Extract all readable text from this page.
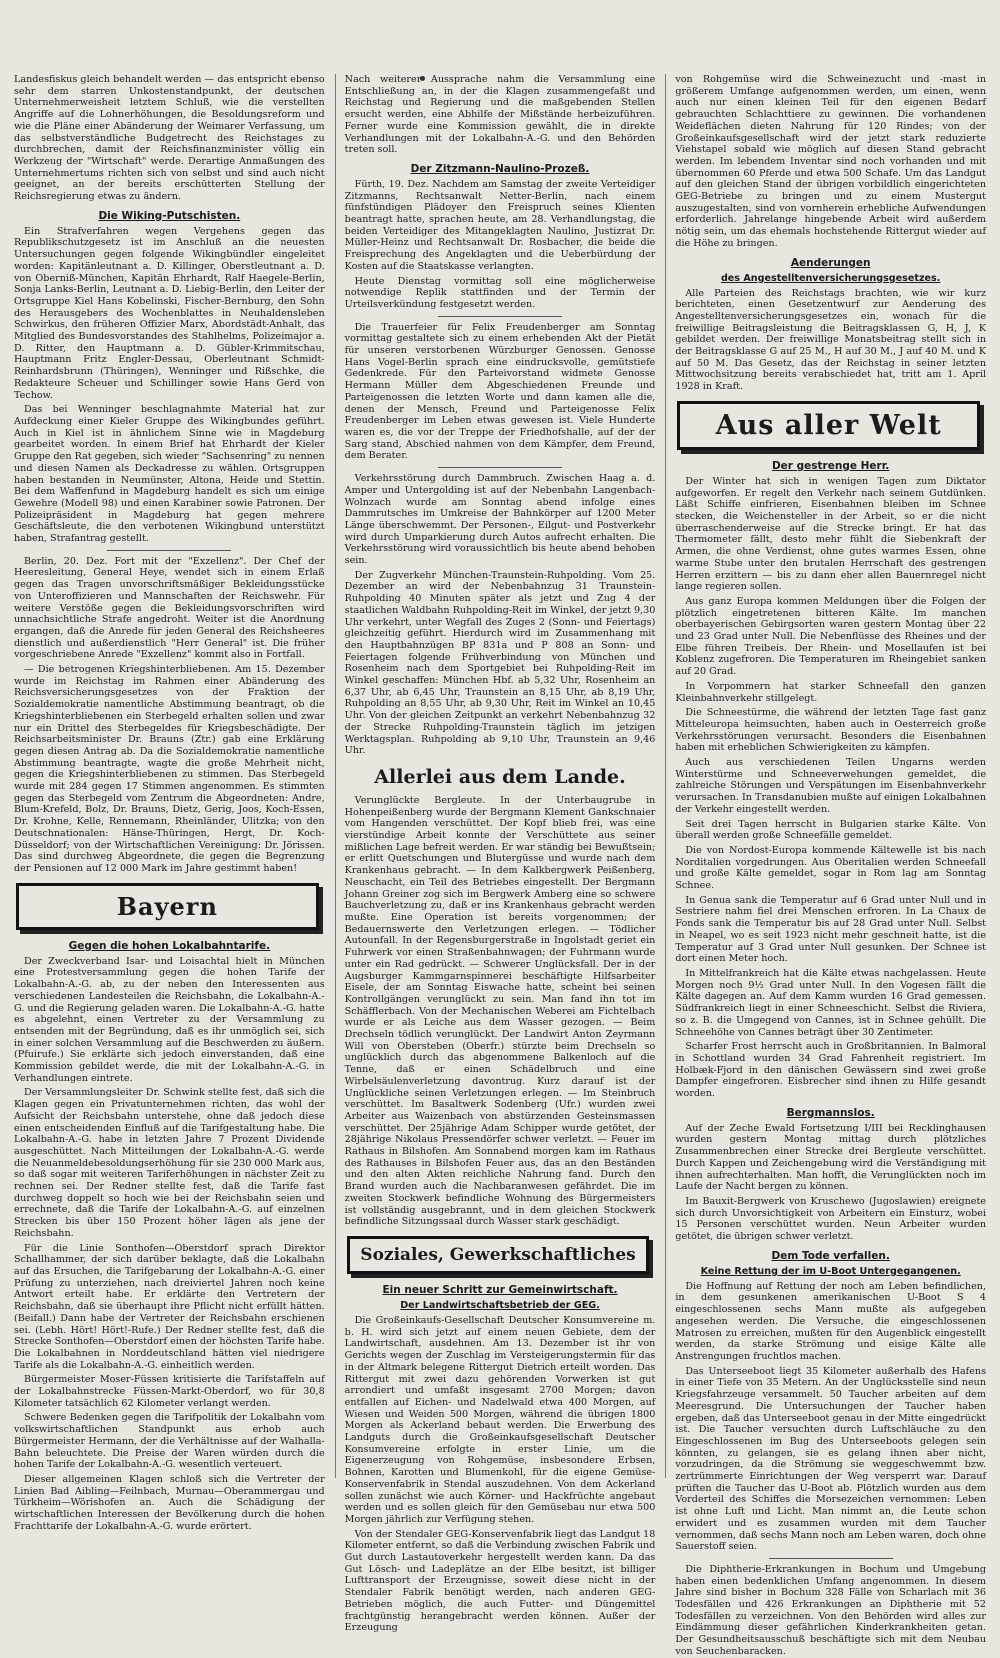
Landesfiskus gleich behandelt werden — das entspricht ebenso sehr dem starren Unkostenstandpunkt, der deutschen Unternehmerweisheit letztem Schluß, wie die verstellten Angriffe auf die Lohnerhöhungen, die Besoldungsreform und wie die Pläne einer Abänderung der Weimarer Verfassung, um das selbstverständliche Budgetrecht des Reichstages zu durchbrechen, damit der Reichsfinanzminister völlig ein Werkzeug der "Wirtschaft" werde. Derartige Anmaßungen des Unternehmertums richten sich von selbst und sind auch nicht geeignet, an der bereits erschütterten Stellung der Reichsregierung etwas zu ändern.

Die Wiking-Putschisten.

Ein Strafverfahren wegen Vergehens gegen das Republikschutzgesetz ist im Anschluß an die neuesten Untersuchungen gegen folgende Wikingbündler eingeleitet worden: Kapitänleutnant a. D. Killinger, Oberstleutnant a. D. von Oberniß-München, Kapitän Ehrhardt, Ralf Haegele-Berlin, Sonja Lanks-Berlin, Leutnant a. D. Liebig-Berlin, den Leiter der Ortsgruppe Kiel Hans Kobelinski, Fischer-Bernburg, den Sohn des Herausgebers des Wochenblattes in Neuhaldensleben Schwirkus, den früheren Offizier Marx, Abordstädt-Anhalt, das Mitglied des Bundesvorstandes des Stahlhelms, Polizeimajor a. D. Ritter, den Hauptmann a. D. Gübler-Krimmitschau, Hauptmann Fritz Engler-Dessau, Oberleutnant Schmidt-Reinhardsbrunn (Thüringen), Wenninger und Rißschke, die Redakteure Scheuer und Schillinger sowie Hans Gerd von Techow.

Das bei Wenninger beschlagnahmte Material hat zur Aufdeckung einer Kieler Gruppe des Wikingbundes geführt. Auch in Kiel ist in ähnlichem Sinne wie in Magdeburg gearbeitet worden. In einem Brief hat Ehrhardt der Kieler Gruppe den Rat gegeben, sich wieder "Sachsenring" zu nennen und diesen Namen als Deckadresse zu wählen. Ortsgruppen haben bestanden in Neumünster, Altona, Heide und Stettin. Bei dem Waffenfund in Magdeburg handelt es sich um einige Gewehre (Modell 98) und einen Karabiner sowie Patronen. Der Polizeipräsident in Magdeburg hat gegen mehrere Geschäftsleute, die den verbotenen Wikingbund unterstützt haben, Strafantrag gestellt.

Berlin, 20. Dez. Fort mit der "Exzellenz". Der Chef der Heeresleitung, General Heye, wendet sich in einem Erlaß gegen das Tragen unvorschriftsmäßiger Bekleidungsstücke von Unteroffizieren und Mannschaften der Reichswehr. Für weitere Verstöße gegen die Bekleidungsvorschriften wird unnachsichtliche Strafe angedroht. Weiter ist die Anordnung ergangen, daß die Anrede für jeden General des Reichsheeres dienstlich und außerdienstlich "Herr General" ist. Die früher vorgeschriebene Anrede "Exzellenz" kommt also in Fortfall.

— Die betrogenen Kriegshinterbliebenen. Am 15. Dezember wurde im Reichstag im Rahmen einer Abänderung des Reichsversicherungsgesetzes von der Fraktion der Sozialdemokratie namentliche Abstimmung beantragt, ob die Kriegshinterbliebenen ein Sterbegeld erhalten sollen und zwar nur ein Drittel des Sterbegeldes für Kriegsbeschädigte. Der Reichsarbeitsminister Dr. Brauns (Ztr.) gab eine Erklärung gegen diesen Antrag ab. Da die Sozialdemokratie namentliche Abstimmung beantragte, wagte die große Mehrheit nicht, gegen die Kriegshinterbliebenen zu stimmen. Das Sterbegeld wurde mit 284 gegen 17 Stimmen angenommen. Es stimmten gegen das Sterbegeld vom Zentrum die Abgeordneten: Andre, Blum-Krefeld, Bolz, Dr. Brauns, Dietz, Gerig, Joos, Koch-Essen, Dr. Krohne, Kelle, Rennemann, Rheinländer, Ulitzka; von den Deutschnationalen: Hänse-Thüringen, Hergt, Dr. Koch-Düsseldorf; von der Wirtschaftlichen Vereinigung: Dr. Jörissen. Das sind durchweg Abgeordnete, die gegen die Begrenzung der Pensionen auf 12 000 Mark im Jahre gestimmt haben!

Bayern
Gegen die hohen Lokalbahntarife.

Der Zweckverband Isar- und Loisachtal hielt in München eine Protestversammlung gegen die hohen Tarife der Lokalbahn-A.-G. ab, zu der neben den Interessenten aus verschiedenen Landesteilen die Reichsbahn, die Lokalbahn-A.-G. und die Regierung geladen waren. Die Lokalbahn-A.-G. hatte es abgelehnt, einen Vertreter zu der Versammlung zu entsenden mit der Begründung, daß es ihr unmöglich sei, sich in einer solchen Versammlung auf die Beschwerden zu äußern. (Pfuirufe.) Sie erklärte sich jedoch einverstanden, daß eine Kommission gebildet werde, die mit der Lokalbahn-A.-G. in Verhandlungen eintrete.

Der Versammlungsleiter Dr. Schwink stellte fest, daß sich die Klagen gegen ein Privatunternehmen richten, das wohl der Aufsicht der Reichsbahn unterstehe, ohne daß jedoch diese einen entscheidenden Einfluß auf die Tarifgestaltung habe. Die Lokalbahn-A.-G. habe in letzten Jahre 7 Prozent Dividende ausgeschüttet. Nach Mitteilungen der Lokalbahn-A.-G. werde die Neuanmeldebesoldungserhöhung für sie 230 000 Mark aus, so daß sogar mit weiteren Tariferhöhungen in nächster Zeit zu rechnen sei. Der Redner stellte fest, daß die Tarife fast durchweg doppelt so hoch wie bei der Reichsbahn seien und errechnete, daß die Tarife der Lokalbahn-A.-G. auf einzelnen Strecken bis über 150 Prozent höher lägen als jene der Reichsbahn.

Für die Linie Sonthofen—Oberstdorf sprach Direktor Schallhammer, der sich darüber beklagte, daß die Lokalbahn auf das Ersuchen, die Tarifgebarung der Lokalbahn-A.-G. einer Prüfung zu unterziehen, nach dreiviertel Jahren noch keine Antwort erteilt habe. Er erklärte den Vertretern der Reichsbahn, daß sie überhaupt ihre Pflicht nicht erfüllt hätten. (Beifall.) Dann habe der Vertreter der Reichsbahn erschienen sei. (Lebh. Hört! Hört!-Rufe.) Der Redner stellte fest, daß die Strecke Sonthofen—Oberstdorf einen der höchsten Tarife habe. Die Lokalbahnen in Norddeutschland hätten viel niedrigere Tarife als die Lokalbahn-A.-G. einheitlich werden.

Bürgermeister Moser-Füssen kritisierte die Tarifstaffeln auf der Lokalbahnstrecke Füssen-Markt-Oberdorf, wo für 30,8 Kilometer tatsächlich 62 Kilometer verlangt werden.

Schwere Bedenken gegen die Tarifpolitik der Lokalbahn vom volkswirtschaftlichen Standpunkt aus erhob auch Bürgermeister Hermann, der die Verhältnisse auf der Walhalla-Bahn beleuchtete. Die Preise der Waren würden durch die hohen Tarife der Lokalbahn-A.-G. wesentlich verteuert.

Dieser allgemeinen Klagen schloß sich die Vertreter der Linien Bad Aibling—Feilnbach, Murnau—Oberammergau und Türkheim—Wörishofen an. Auch die Schädigung der wirtschaftlichen Interessen der Bevölkerung durch die hohen Frachttarife der Lokalbahn-A.-G. wurde erörtert.

Nach weiterer Aussprache nahm die Versammlung eine Entschließung an, in der die Klagen zusammengefaßt und Reichstag und Regierung und die maßgebenden Stellen ersucht werden, eine Abhilfe der Mißstände herbeizuführen. Ferner wurde eine Kommission gewählt, die in direkte Verhandlungen mit der Lokalbahn-A.-G. und den Behörden treten soll.

Der Zitzmann-Naulino-Prozeß.

Fürth, 19. Dez. Nachdem am Samstag der zweite Verteidiger Zitzmanns, Rechtsanwalt Netter-Berlin, nach einem fünfstündigen Plädoyer den Freispruch seines Klienten beantragt hatte, sprachen heute, am 28. Verhandlungstag, die beiden Verteidiger des Mitangeklagten Naulino, Justizrat Dr. Müller-Heinz und Rechtsanwalt Dr. Rosbacher, die beide die Freisprechung des Angeklagten und die Ueberbürdung der Kosten auf die Staatskasse verlangten.

Heute Dienstag vormittag soll eine möglicherweise notwendige Replik stattfinden und der Termin der Urteilsverkündung festgesetzt werden.

Die Trauerfeier für Felix Freudenberger am Sonntag vormittag gestaltete sich zu einem erhebenden Akt der Pietät für unseren verstorbenen Würzburger Genossen. Genosse Hans Vogel-Berlin sprach eine eindrucksvolle, gemütstiefe Gedenkrede. Für den Parteivorstand widmete Genosse Hermann Müller dem Abgeschiedenen Freunde und Parteigenossen die letzten Worte und dann kamen alle die, denen der Mensch, Freund und Parteigenosse Felix Freudenberger im Leben etwas gewesen ist. Viele Hunderte waren es, die vor der Treppe der Friedhofshalle, auf der der Sarg stand, Abschied nahmen von dem Kämpfer, dem Freund, dem Berater.

Verkehrsstörung durch Dammbruch. Zwischen Haag a. d. Amper und Untergolding ist auf der Nebenbahn Langenbach-Wolnzach wurde am Sonntag abend infolge eines Dammrutsches im Umkreise der Bahnkörper auf 1200 Meter Länge überschwemmt. Der Personen-, Eilgut- und Postverkehr wird durch Umparkierung durch Autos aufrecht erhalten. Die Verkehrsstörung wird voraussichtlich bis heute abend behoben sein.

Der Zugverkehr München-Traunstein-Ruhpolding. Vom 25. Dezember an wird der Nebenbahnzug 31 Traunstein-Ruhpolding 40 Minuten später als jetzt und Zug 4 der staatlichen Waldbahn Ruhpolding-Reit im Winkel, der jetzt 9,30 Uhr verkehrt, unter Wegfall des Zuges 2 (Sonn- und Feiertags) gleichzeitig geführt. Hierdurch wird im Zusammenhang mit den Hauptbahnzügen BP 831a und P 808 an Sonn- und Feiertagen folgende Frühverbindung von München und Rosenheim nach dem Sportgebiet bei Ruhpolding-Reit im Winkel geschaffen: München Hbf. ab 5,32 Uhr, Rosenheim an 6,37 Uhr, ab 6,45 Uhr, Traunstein an 8,15 Uhr, ab 8,19 Uhr, Ruhpolding an 8,55 Uhr, ab 9,30 Uhr, Reit im Winkel an 10,45 Uhr. Von der gleichen Zeitpunkt an verkehrt Nebenbahnzug 32 der Strecke Ruhpolding-Traunstein täglich im jetzigen Werktagsplan. Ruhpolding ab 9,10 Uhr, Traunstein an 9,46 Uhr.

Allerlei aus dem Lande.

Verunglückte Bergleute. In der Unterbaugrube in Hohenpeißenberg wurde der Bergmann Klement Gankschnaier vom Hangenden verschüttet. Der Kopf blieb frei, was eine vierstündige Arbeit konnte der Verschüttete aus seiner mißlichen Lage befreit werden. Er war ständig bei Bewußtsein; er erlitt Quetschungen und Blutergüsse und wurde nach dem Krankenhaus gebracht. — In dem Kalkbergwerk Peißenberg, Neuschacht, ein Teil des Betriebes eingestellt. Der Bergmann Johann Greiner zog sich im Bergwerk Amberg eine so schwere Bauchverletzung zu, daß er ins Krankenhaus gebracht werden mußte. Eine Operation ist bereits vorgenommen; der Bedauernswerte den Verletzungen erlegen. — Tödlicher Autounfall. In der Regensburgerstraße in Ingolstadt geriet ein Fuhrwerk vor einen Straßenbahnwagen; der Fuhrmann wurde unter ein Rad gedrückt. — Schwerer Unglücksfall. Der in der Augsburger Kammgarnspinnerei beschäftigte Hilfsarbeiter Eisele, der am Sonntag Eiswache hatte, scheint bei seinen Kontrollgängen verunglückt zu sein. Man fand ihn tot im Schäfflerbach. Von der Mechanischen Weberei am Fichtelbach wurde er als Leiche aus dem Wasser gezogen. — Beim Drechseln tödlich verunglückt. Der Landwirt Anton Zeyrmann Will von Obersteben (Oberfr.) stürzte beim Drechseln so unglücklich durch das abgenommene Balkenloch auf die Tenne, daß er einen Schädelbruch und eine Wirbelsäulenverletzung davontrug. Kurz darauf ist der Unglückliche seinen Verletzungen erlegen. — Im Steinbruch verschüttet. Im Basaltwerk Sodenberg (Ufr.) wurden zwei Arbeiter aus Waizenbach von abstürzenden Gesteinsmassen verschüttet. Der 25jährige Adam Schipper wurde getötet, der 28jährige Nikolaus Pressendörfer schwer verletzt. — Feuer im Rathaus in Bilshofen. Am Sonnabend morgen kam im Rathaus des Rathauses in Bilshofen Feuer aus, das an den Beständen und den alten Akten reichliche Nahrung fand. Durch den Brand wurden auch die Nachbaranwesen gefährdet. Die im zweiten Stockwerk befindliche Wohnung des Bürgermeisters ist vollständig ausgebrannt, und in dem gleichen Stockwerk befindliche Sitzungssaal durch Wasser stark geschädigt.

Soziales, Gewerkschaftliches
Ein neuer Schritt zur Gemeinwirtschaft.
Der Landwirtschaftsbetrieb der GEG.

Die Großeinkaufs-Gesellschaft Deutscher Konsumvereine m. b. H. wird sich jetzt auf einem neuen Gebiete, dem der Landwirtschaft, ausdehnen. Am 13. Dezember ist ihr von Gerichts wegen der Zuschlag im Versteigerungstermin für das in der Altmark belegene Rittergut Dietrich erteilt worden. Das Rittergut mit zwei dazu gehörenden Vorwerken ist gut arrondiert und umfaßt insgesamt 2700 Morgen; davon entfallen auf Eichen- und Nadelwald etwa 400 Morgen, auf Wiesen und Weiden 500 Morgen, während die übrigen 1800 Morgen als Ackerland bebaut werden. Die Erwerbung des Landguts durch die Großeinkaufsgesellschaft Deutscher Konsumvereine erfolgte in erster Linie, um die Eigenerzeugung von Rohgemüse, insbesondere Erbsen, Bohnen, Karotten und Blumenkohl, für die eigene Gemüse-Konservenfabrik in Stendal auszudehnen. Von dem Ackerland sollen zunächst wie auch Körner- und Hackfrüchte angebaut werden und es sollen gleich für den Gemüsebau nur etwa 500 Morgen jährlich zur Verfügung stehen.

Von der Stendaler GEG-Konservenfabrik liegt das Landgut 18 Kilometer entfernt, so daß die Verbindung zwischen Fabrik und Gut durch Lastautoverkehr hergestellt werden kann. Da das Gut Lösch- und Ladeplätze an der Elbe besitzt, ist billiger Lufttransport der Erzeugnisse, soweit diese nicht in der Stendaler Fabrik benötigt werden, nach anderen GEG-Betrieben möglich, die auch Futter- und Düngemittel frachtgünstig herangebracht werden können. Außer der Erzeugung

von Rohgemüse wird die Schweinezucht und -mast in größerem Umfange aufgenommen werden, um einen, wenn auch nur einen kleinen Teil für den eigenen Bedarf gebrauchten Schlachttiere zu gewinnen. Die vorhandenen Weideflächen dieten Nahrung für 120 Rindes; von der Großeinkaufsgesellschaft wird der jetzt stark reduzierte Viehstapel sobald wie möglich auf diesen Stand gebracht werden. Im lebendem Inventar sind noch vorhanden und mit übernommen 60 Pferde und etwa 500 Schafe. Um das Landgut auf den gleichen Stand der übrigen vorbildlich eingerichteten GEG-Betriebe zu bringen und zu einem Mustergut auszugestalten, sind von vornherein erhebliche Aufwendungen erforderlich. Jahrelange hingebende Arbeit wird außerdem nötig sein, um das ehemals hochstehende Rittergut wieder auf die Höhe zu bringen.

Aenderungen
des Angestelltenversicherungsgesetzes.

Alle Parteien des Reichstags brachten, wie wir kurz berichteten, einen Gesetzentwurf zur Aenderung des Angestelltenversicherungsgesetzes ein, wonach für die freiwillige Beitragsleistung die Beitragsklassen G, H, J, K gebildet werden. Der freiwillige Monatsbeitrag stellt sich in der Beitragsklasse G auf 25 M., H auf 30 M., J auf 40 M. und K auf 50 M. Das Gesetz, das der Reichstag in seiner letzten Mittwochsitzung bereits verabschiedet hat, tritt am 1. April 1928 in Kraft.

Aus aller Welt
Der gestrenge Herr.

Der Winter hat sich in wenigen Tagen zum Diktator aufgeworfen. Er regelt den Verkehr nach seinem Gutdünken. Läßt Schiffe einfrieren, Eisenbahnen bleiben im Schnee stecken, die Weichensteller in der Arbeit, so er die nicht überraschenderweise auf die Strecke bringt. Er hat das Thermometer fällt, desto mehr fühlt die Siebenkraft der Armen, die ohne Verdienst, ohne gutes warmes Essen, ohne warme Stube unter den brutalen Herrschaft des gestrengen Herren erzittern — bis zu dann eher allen Bauernregel nicht lange regieren sollen.

Aus ganz Europa kommen Meldungen über die Folgen der plötzlich eingetretenen bitteren Kälte. Im manchen oberbayerischen Gebirgsorten waren gestern Montag über 22 und 23 Grad unter Null. Die Nebenflüsse des Rheines und der Elbe führen Treibeis. Der Rhein- und Mosellaufen ist bei Koblenz zugefroren. Die Temperaturen im Rheingebiet sanken auf 20 Grad.

In Vorpommern hat starker Schneefall den ganzen Kleinbahnverkehr stillgelegt.

Die Schneestürme, die während der letzten Tage fast ganz Mitteleuropa heimsuchten, haben auch in Oesterreich große Verkehrsstörungen verursacht. Besonders die Eisenbahnen haben mit erheblichen Schwierigkeiten zu kämpfen.

Auch aus verschiedenen Teilen Ungarns werden Winterstürme und Schneeverwehungen gemeldet, die zahlreiche Störungen und Verspätungen im Eisenbahnverkehr verursachen. In Transdanubien mußte auf einigen Lokalbahnen der Verkehr eingestellt werden.

Seit drei Tagen herrscht in Bulgarien starke Kälte. Von überall werden große Schneefälle gemeldet.

Die von Nordost-Europa kommende Kältewelle ist bis nach Norditalien vorgedrungen. Aus Oberitalien werden Schneefall und große Kälte gemeldet, sogar in Rom lag am Sonntag Schnee.

In Genua sank die Temperatur auf 6 Grad unter Null und in Sestriere nahm fiel drei Menschen erfroren. In La Chaux de Fonds sank die Temperatur bis auf 28 Grad unter Null. Selbst in Neapel, wo es seit 1923 nicht mehr geschneit hatte, ist die Temperatur auf 3 Grad unter Null gesunken. Der Schnee ist dort einen Meter hoch.

In Mittelfrankreich hat die Kälte etwas nachgelassen. Heute Morgen noch 9½ Grad unter Null. In den Vogesen fällt die Kälte dagegen an. Auf dem Kamm wurden 16 Grad gemessen. Südfrankreich liegt in einer Schneeschicht. Selbst die Riviera, so z. B. die Umgegend von Cannes, ist in Schnee gehüllt. Die Schneehöhe von Cannes beträgt über 30 Zentimeter.

Scharfer Frost herrscht auch in Großbritannien. In Balmoral in Schottland wurden 34 Grad Fahrenheit registriert. Im Holbæk-Fjord in den dänischen Gewässern sind zwei große Dampfer eingefroren. Eisbrecher sind ihnen zu Hilfe gesandt worden.

Bergmannslos.

Auf der Zeche Ewald Fortsetzung I/III bei Recklinghausen wurden gestern Montag mittag durch plötzliches Zusammenbrechen einer Strecke drei Bergleute verschüttet. Durch Kappen und Zeichengebung wird die Verständigung mit ihnen aufrechterhalten. Man hofft, die Verunglückten noch im Laufe der Nacht bergen zu können.

Im Bauxit-Bergwerk von Kruschewo (Jugoslawien) ereignete sich durch Unvorsichtigkeit von Arbeitern ein Einsturz, wobei 15 Personen verschüttet wurden. Neun Arbeiter wurden getötet, die übrigen schwer verletzt.

Dem Tode verfallen.
Keine Rettung der im U-Boot Untergegangenen.

Die Hoffnung auf Rettung der noch am Leben befindlichen, in dem gesunkenen amerikanischen U-Boot S 4 eingeschlossenen sechs Mann mußte als aufgegeben angesehen werden. Die Versuche, die eingeschlossenen Matrosen zu erreichen, mußten für den Augenblick eingestellt werden, da starke Strömung und eisige Kälte alle Anstrengungen fruchtlos machen.

Das Unterseeboot liegt 35 Kilometer außerhalb des Hafens in einer Tiefe von 35 Metern. An der Unglücksstelle sind neun Kriegsfahrzeuge versammelt. 50 Taucher arbeiten auf dem Meeresgrund. Die Untersuchungen der Taucher haben ergeben, daß das Unterseeboot genau in der Mitte eingedrückt ist. Die Taucher versuchten durch Luftschläuche zu den Eingeschlossenen im Bug des Unterseeboots gelegen sein könnten, zu gelangen, sie es gelang ihnen aber nicht, vorzudringen, da die Strömung sie weggeschwemmt bzw. zertrümmerte Einrichtungen der Weg versperrt war. Darauf prüften die Taucher das U-Boot ab. Plötzlich wurden aus dem Vorderteil des Schiffes die Morsezeichen vernommen: Leben ist ohne Luft und Licht. Man nimmt an, die Leute schon erwidert und es zusammen wurden mit dem Taucher vernommen, daß sechs Mann noch am Leben waren, doch ohne Sauerstoff seien.

Die Diphtherie-Erkrankungen in Bochum und Umgebung haben einen bedenklichen Umfang angenommen. In diesem Jahre sind bisher in Bochum 328 Fälle von Scharlach mit 36 Todesfällen und 426 Erkrankungen an Diphtherie mit 52 Todesfällen zu verzeichnen. Von den Behörden wird alles zur Eindämmung dieser gefährlichen Kinderkrankheiten getan. Der Gesundheitsausschuß beschäftigte sich mit dem Neubau von Seuchenbaracken.
